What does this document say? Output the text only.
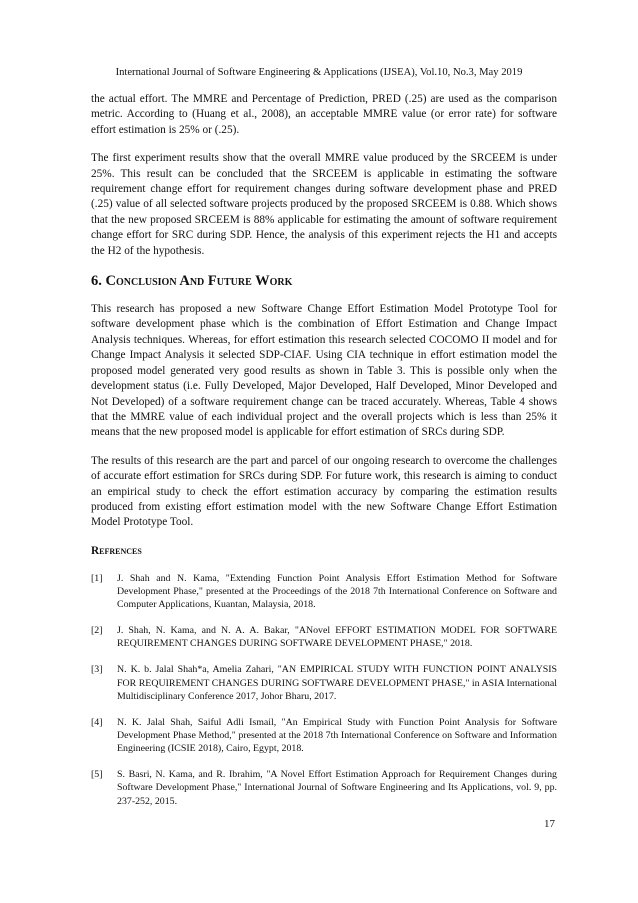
International Journal of Software Engineering & Applications (IJSEA), Vol.10, No.3, May 2019

the actual effort. The MMRE and Percentage of Prediction, PRED (.25) are used as the comparison metric. According to (Huang et al., 2008), an acceptable MMRE value (or error rate) for software effort estimation is 25% or (.25).

The first experiment results show that the overall MMRE value produced by the SRCEEM is under 25%. This result can be concluded that the SRCEEM is applicable in estimating the software requirement change effort for requirement changes during software development phase and PRED (.25) value of all selected software projects produced by the proposed SRCEEM is 0.88. Which shows that the new proposed SRCEEM is 88% applicable for estimating the amount of software requirement change effort for SRC during SDP. Hence, the analysis of this experiment rejects the H1 and accepts the H2 of the hypothesis.

6. Conclusion And Future Work

This research has proposed a new Software Change Effort Estimation Model Prototype Tool for software development phase which is the combination of Effort Estimation and Change Impact Analysis techniques. Whereas, for effort estimation this research selected COCOMO II model and for Change Impact Analysis it selected SDP-CIAF. Using CIA technique in effort estimation model the proposed model generated very good results as shown in Table 3. This is possible only when the development status (i.e. Fully Developed, Major Developed, Half Developed, Minor Developed and Not Developed) of a software requirement change can be traced accurately. Whereas, Table 4 shows that the MMRE value of each individual project and the overall projects which is less than 25% it means that the new proposed model is applicable for effort estimation of SRCs during SDP.

The results of this research are the part and parcel of our ongoing research to overcome the challenges of accurate effort estimation for SRCs during SDP. For future work, this research is aiming to conduct an empirical study to check the effort estimation accuracy by comparing the estimation results produced from existing effort estimation model with the new Software Change Effort Estimation Model Prototype Tool.

Refrences
[1]	J. Shah and N. Kama, "Extending Function Point Analysis Effort Estimation Method for Software Development Phase," presented at the Proceedings of the 2018 7th International Conference on Software and Computer Applications, Kuantan, Malaysia, 2018.
[2]	J. Shah, N. Kama, and N. A. A. Bakar, "ANovel EFFORT ESTIMATION MODEL FOR SOFTWARE REQUIREMENT CHANGES DURING SOFTWARE DEVELOPMENT PHASE," 2018.
[3]	N. K. b. Jalal Shah*a, Amelia Zahari, "AN EMPIRICAL STUDY WITH FUNCTION POINT ANALYSIS FOR REQUIREMENT CHANGES DURING SOFTWARE DEVELOPMENT PHASE," in ASIA International Multidisciplinary Conference 2017, Johor Bharu, 2017.
[4]	N. K. Jalal Shah, Saiful Adli Ismail, "An Empirical Study with Function Point Analysis for Software Development Phase Method," presented at the 2018 7th International Conference on Software and Information Engineering (ICSIE 2018), Cairo, Egypt, 2018.
[5]	S. Basri, N. Kama, and R. Ibrahim, "A Novel Effort Estimation Approach for Requirement Changes during Software Development Phase," International Journal of Software Engineering and Its Applications, vol. 9, pp. 237-252, 2015.
17
